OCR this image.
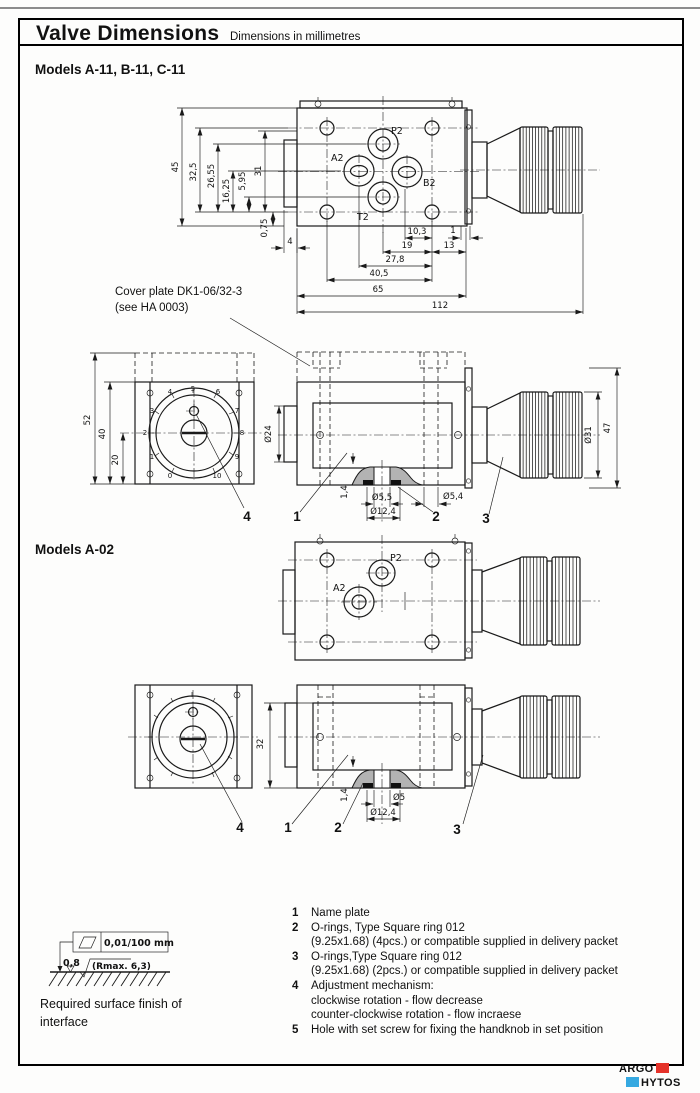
Valve Dimensions Dimensions in millimetres
Models A-11, B-11, C-11
Models A-02
P2
A2
B2
T2
45 32,5 26,55
16,25 5,95
31
0,75
4
10,3	1
19	13
27,8
40,5
65
112
Cover plate DK1-06/32-3
(see HA 0003)
0
1
2
3
4	5	6
7
8
9
10
52
40
20
4
Ø24
1,4	Ø5,5	Ø5,4
Ø12,4
1	2	3
Ø31 47
P2
A2
4
32
1,4	Ø5
Ø12,4
1	2	3
1	Name plate
2	O-rings, Type Square ring 012
(9.25x1.68) (4pcs.) or compatible supplied in delivery packet
3	O-rings,Type Square ring 012
(9.25x1.68) (2pcs.) or compatible supplied in delivery packet
4	Adjustment mechanism:
clockwise rotation - flow decrease
counter-clockwise rotation - flow incraese
5	Hole with set screw for fixing the handknob in set position
0,01/100 mm
0,8 (Rmax. 6,3)
Required surface finish of
interface
ARGO
HYTOS
